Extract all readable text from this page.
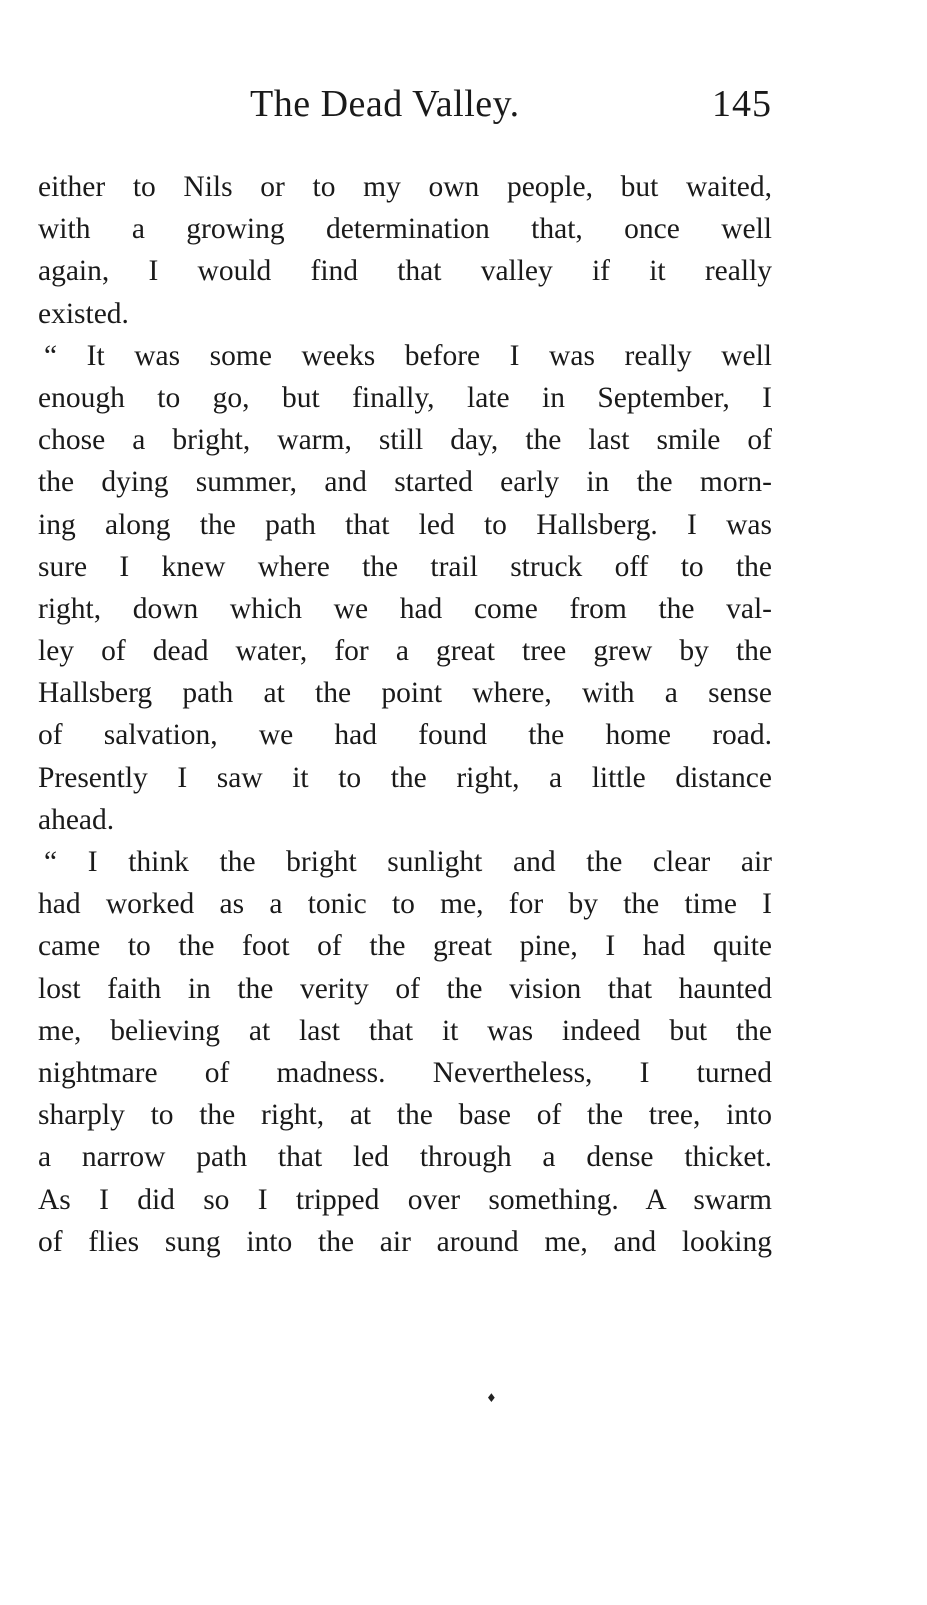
The Dead Valley.	145
either to Nils or to my own people, but waited,
with a growing determination that, once well
again, I would find that valley if it really
existed.
“ It was some weeks before I was really well
enough to go, but finally, late in September, I
chose a bright, warm, still day, the last smile of
the dying summer, and started early in the morn-
ing along the path that led to Hallsberg. I was
sure I knew where the trail struck off to the
right, down which we had come from the val-
ley of dead water, for a great tree grew by the
Hallsberg path at the point where, with a sense
of salvation, we had found the home road.
Presently I saw it to the right, a little distance
ahead.
“ I think the bright sunlight and the clear air
had worked as a tonic to me, for by the time I
came to the foot of the great pine, I had quite
lost faith in the verity of the vision that haunted
me, believing at last that it was indeed but the
nightmare of madness. Nevertheless, I turned
sharply to the right, at the base of the tree, into
a narrow path that led through a dense thicket.
As I did so I tripped over something. A swarm
of flies sung into the air around me, and looking
♦
